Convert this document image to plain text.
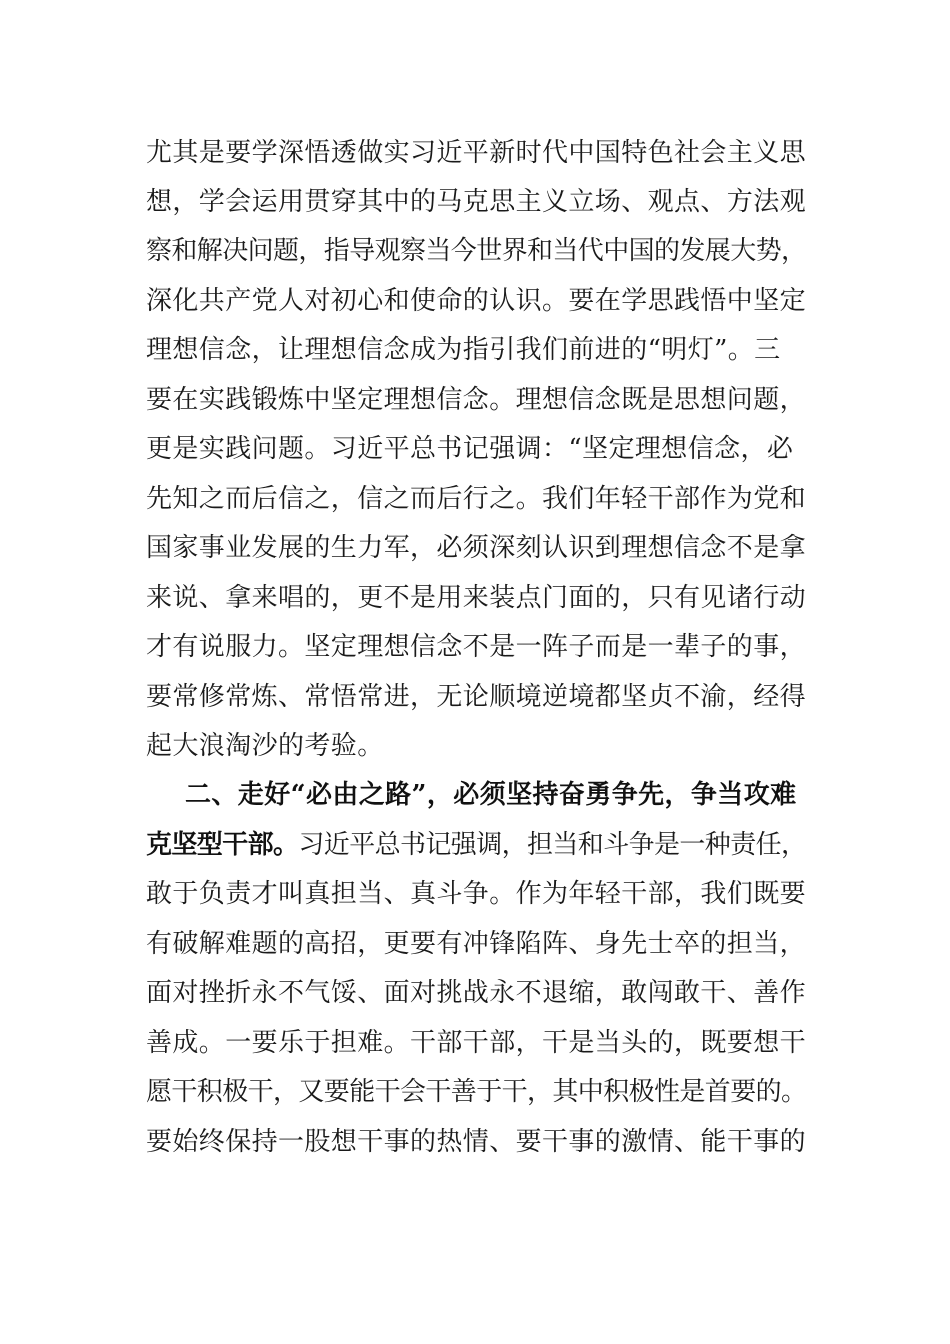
尤其是要学深悟透做实习近平新时代中国特色社会主义思
想，学会运用贯穿其中的马克思主义立场、观点、方法观
察和解决问题，指导观察当今世界和当代中国的发展大势，
深化共产党人对初心和使命的认识。要在学思践悟中坚定
理想信念，让理想信念成为指引我们前进的“明灯”。三
要在实践锻炼中坚定理想信念。理想信念既是思想问题，
更是实践问题。习近平总书记强调：“坚定理想信念，必
先知之而后信之，信之而后行之。我们年轻干部作为党和
国家事业发展的生力军，必须深刻认识到理想信念不是拿
来说、拿来唱的，更不是用来装点门面的，只有见诸行动
才有说服力。坚定理想信念不是一阵子而是一辈子的事，
要常修常炼、常悟常进，无论顺境逆境都坚贞不渝，经得
起大浪淘沙的考验。
二、走好“必由之路”，必须坚持奋勇争先，争当攻难
克坚型干部。习近平总书记强调，担当和斗争是一种责任，
敢于负责才叫真担当、真斗争。作为年轻干部，我们既要
有破解难题的高招，更要有冲锋陷阵、身先士卒的担当，
面对挫折永不气馁、面对挑战永不退缩，敢闯敢干、善作
善成。一要乐于担难。干部干部，干是当头的，既要想干
愿干积极干，又要能干会干善于干，其中积极性是首要的。
要始终保持一股想干事的热情、要干事的激情、能干事的
